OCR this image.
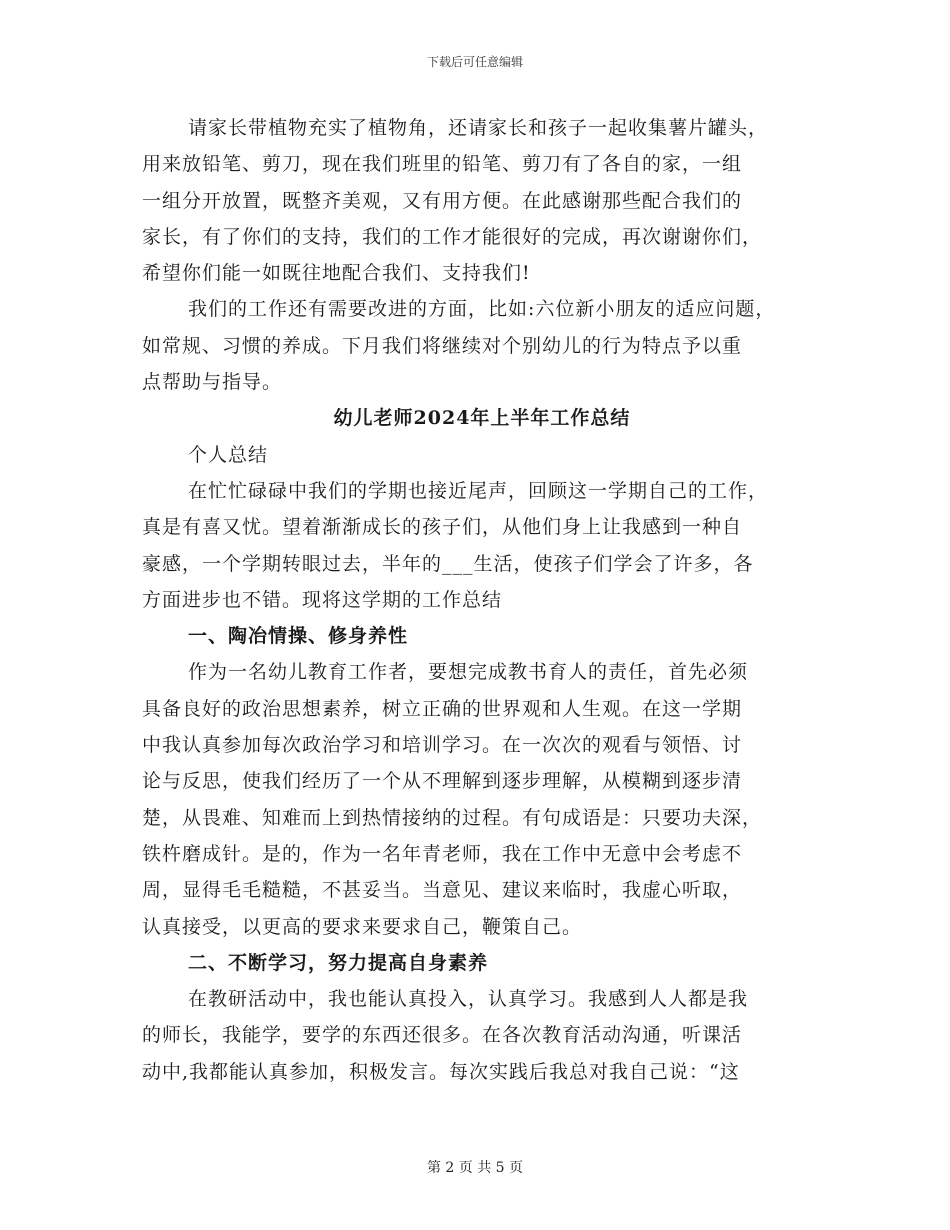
下载后可任意编辑
请家长带植物充实了植物角，还请家长和孩子一起收集薯片罐头，
用来放铅笔、剪刀，现在我们班里的铅笔、剪刀有了各自的家，一组
一组分开放置，既整齐美观，又有用方便。在此感谢那些配合我们的
家长，有了你们的支持，我们的工作才能很好的完成，再次谢谢你们，
希望你们能一如既往地配合我们、支持我们!
我们的工作还有需要改进的方面，比如:六位新小朋友的适应问题，
如常规、习惯的养成。下月我们将继续对个别幼儿的行为特点予以重
点帮助与指导。
幼儿老师2024年上半年工作总结
个人总结
在忙忙碌碌中我们的学期也接近尾声，回顾这一学期自己的工作，
真是有喜又忧。望着渐渐成长的孩子们，从他们身上让我感到一种自
豪感，一个学期转眼过去，半年的___生活，使孩子们学会了许多，各
方面进步也不错。现将这学期的工作总结
一、陶冶情操、修身养性
作为一名幼儿教育工作者，要想完成教书育人的责任，首先必须
具备良好的政治思想素养，树立正确的世界观和人生观。在这一学期
中我认真参加每次政治学习和培训学习。在一次次的观看与领悟、讨
论与反思，使我们经历了一个从不理解到逐步理解，从模糊到逐步清
楚，从畏难、知难而上到热情接纳的过程。有句成语是：只要功夫深，
铁杵磨成针。是的，作为一名年青老师，我在工作中无意中会考虑不
周，显得毛毛糙糙，不甚妥当。当意见、建议来临时，我虚心听取，
认真接受，以更高的要求来要求自己，鞭策自己。
二、不断学习，努力提高自身素养
在教研活动中，我也能认真投入，认真学习。我感到人人都是我
的师长，我能学，要学的东西还很多。在各次教育活动沟通，听课活
动中,我都能认真参加，积极发言。每次实践后我总对我自己说：“这
第 2 页 共 5 页
